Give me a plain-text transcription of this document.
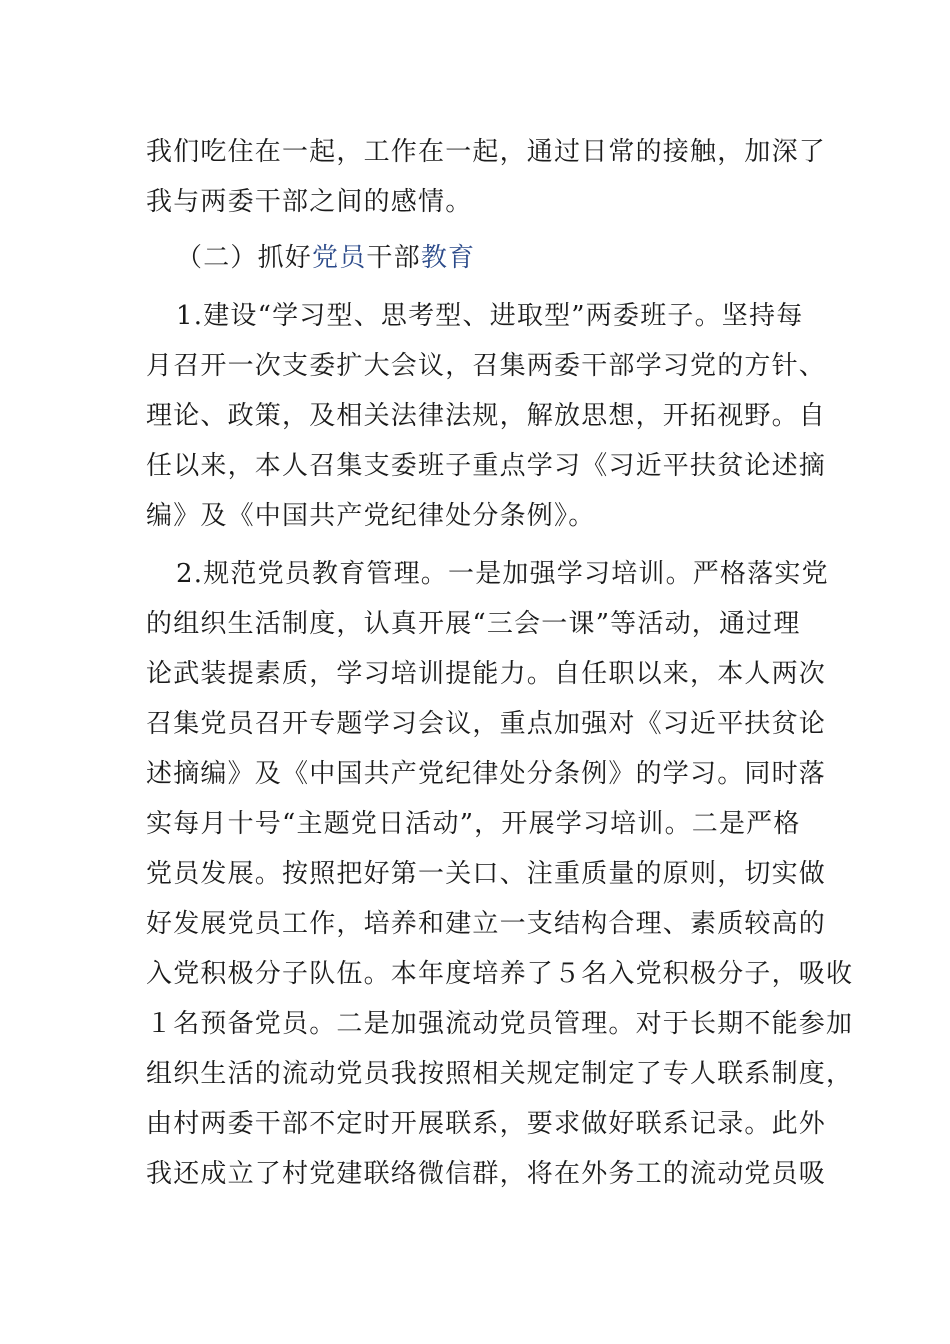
我们吃住在一起，工作在一起，通过日常的接触，加深了
我与两委干部之间的感情。
（二）抓好党员干部教育
1.建设“学习型、思考型、进取型”两委班子。坚持每
月召开一次支委扩大会议，召集两委干部学习党的方针、
理论、政策，及相关法律法规，解放思想，开拓视野。自
任以来，本人召集支委班子重点学习《习近平扶贫论述摘
编》及《中国共产党纪律处分条例》。
2.规范党员教育管理。一是加强学习培训。严格落实党
的组织生活制度，认真开展“三会一课”等活动，通过理
论武装提素质，学习培训提能力。自任职以来，本人两次
召集党员召开专题学习会议，重点加强对《习近平扶贫论
述摘编》及《中国共产党纪律处分条例》的学习。同时落
实每月十号“主题党日活动”，开展学习培训。二是严格
党员发展。按照把好第一关口、注重质量的原则，切实做
好发展党员工作，培养和建立一支结构合理、素质较高的
入党积极分子队伍。本年度培养了５名入党积极分子，吸收
１名预备党员。二是加强流动党员管理。对于长期不能参加
组织生活的流动党员我按照相关规定制定了专人联系制度，
由村两委干部不定时开展联系，要求做好联系记录。此外
我还成立了村党建联络微信群，将在外务工的流动党员吸
